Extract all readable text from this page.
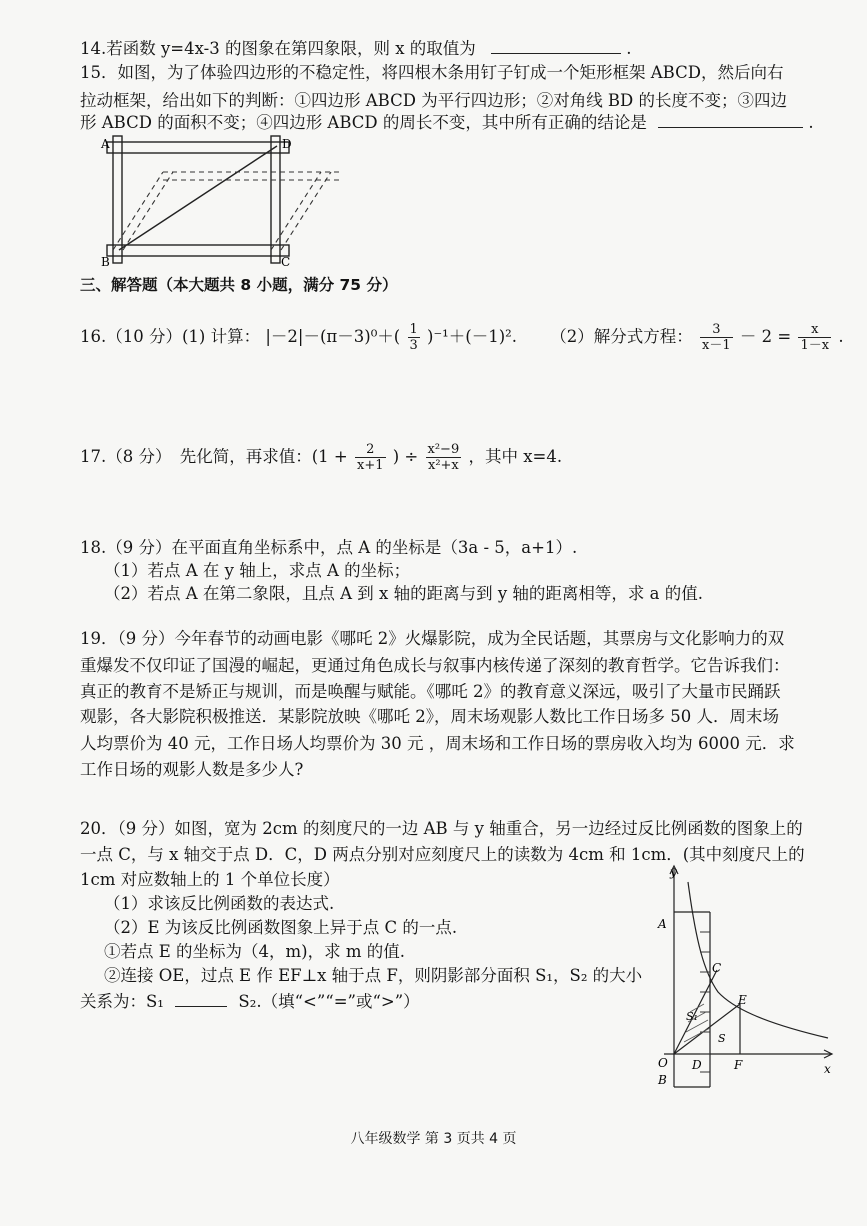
14.若函数 y=4x-3 的图象在第四象限，则 x 的取值为	.
15．如图，为了体验四边形的不稳定性，将四根木条用钉子钉成一个矩形框架 ABCD，然后向右
拉动框架，给出如下的判断：①四边形 ABCD 为平行四边形；②对角线 BD 的长度不变；③四边
形 ABCD 的面积不变；④四边形 ABCD 的周长不变，其中所有正确的结论是	.
A	D
B	C
三、解答题（本大题共 8 小题，满分 75 分）
16.（10 分）(1) 计算： $|-2|-(\pi-3)^0+( \frac{1}{3} )^{-1}+(-1)^2$. （2）解分式方程： $\frac{3}{x-1} - 2 = \frac{x}{1-x}$ .
17.（8 分）　先化简，再求值：($1 + \frac{2}{x+1}$ ) ÷ $\frac{\text{x²−9}}{\text{x²+x}}$ ，其中 x=4.
18.（9 分）在平面直角坐标系中，点 A 的坐标是（3a - 5，a+1）.
（1）若点 A 在 y 轴上，求点 A 的坐标；
（2）若点 A 在第二象限，且点 A 到 x 轴的距离与到 y 轴的距离相等，求 a 的值.
19．（9 分）今年春节的动画电影《哪吒 2》火爆影院，成为全民话题，其票房与文化影响力的双
重爆发不仅印证了国漫的崛起，更通过角色成长与叙事内核传递了深刻的教育哲学。它告诉我们：
真正的教育不是矫正与规训，而是唤醒与赋能。《哪吒 2》的教育意义深远，吸引了大量市民踊跃
观影，各大影院积极推送．某影院放映《哪吒 2》，周末场观影人数比工作日场多 50 人．周末场
人均票价为 40 元，工作日场人均票价为 30 元 ，周末场和工作日场的票房收入均为 6000 元．求
工作日场的观影人数是多少人?
20．（9 分）如图，宽为 2cm 的刻度尺的一边 AB 与 y 轴重合，另一边经过反比例函数的图象上的
一点 C，与 x 轴交于点 D．C，D 两点分别对应刻度尺上的读数为 4cm 和 1cm．(其中刻度尺上的
1cm 对应数轴上的 1 个单位长度）
（1）求该反比例函数的表达式.
（2）E 为该反比例函数图象上异于点 C 的一点.
①若点 E 的坐标为（4，m)，求 m 的值.
②连接 OE，过点 E 作 EF⊥x 轴于点 F，则阴影部分面积 S₁，S₂ 的大小
关系为：S₁	S₂.（填“<”“=”或“>”）
y
x
A
C
E
O D	F
B
S₁
S
八年级数学 第 3 页共 4 页
